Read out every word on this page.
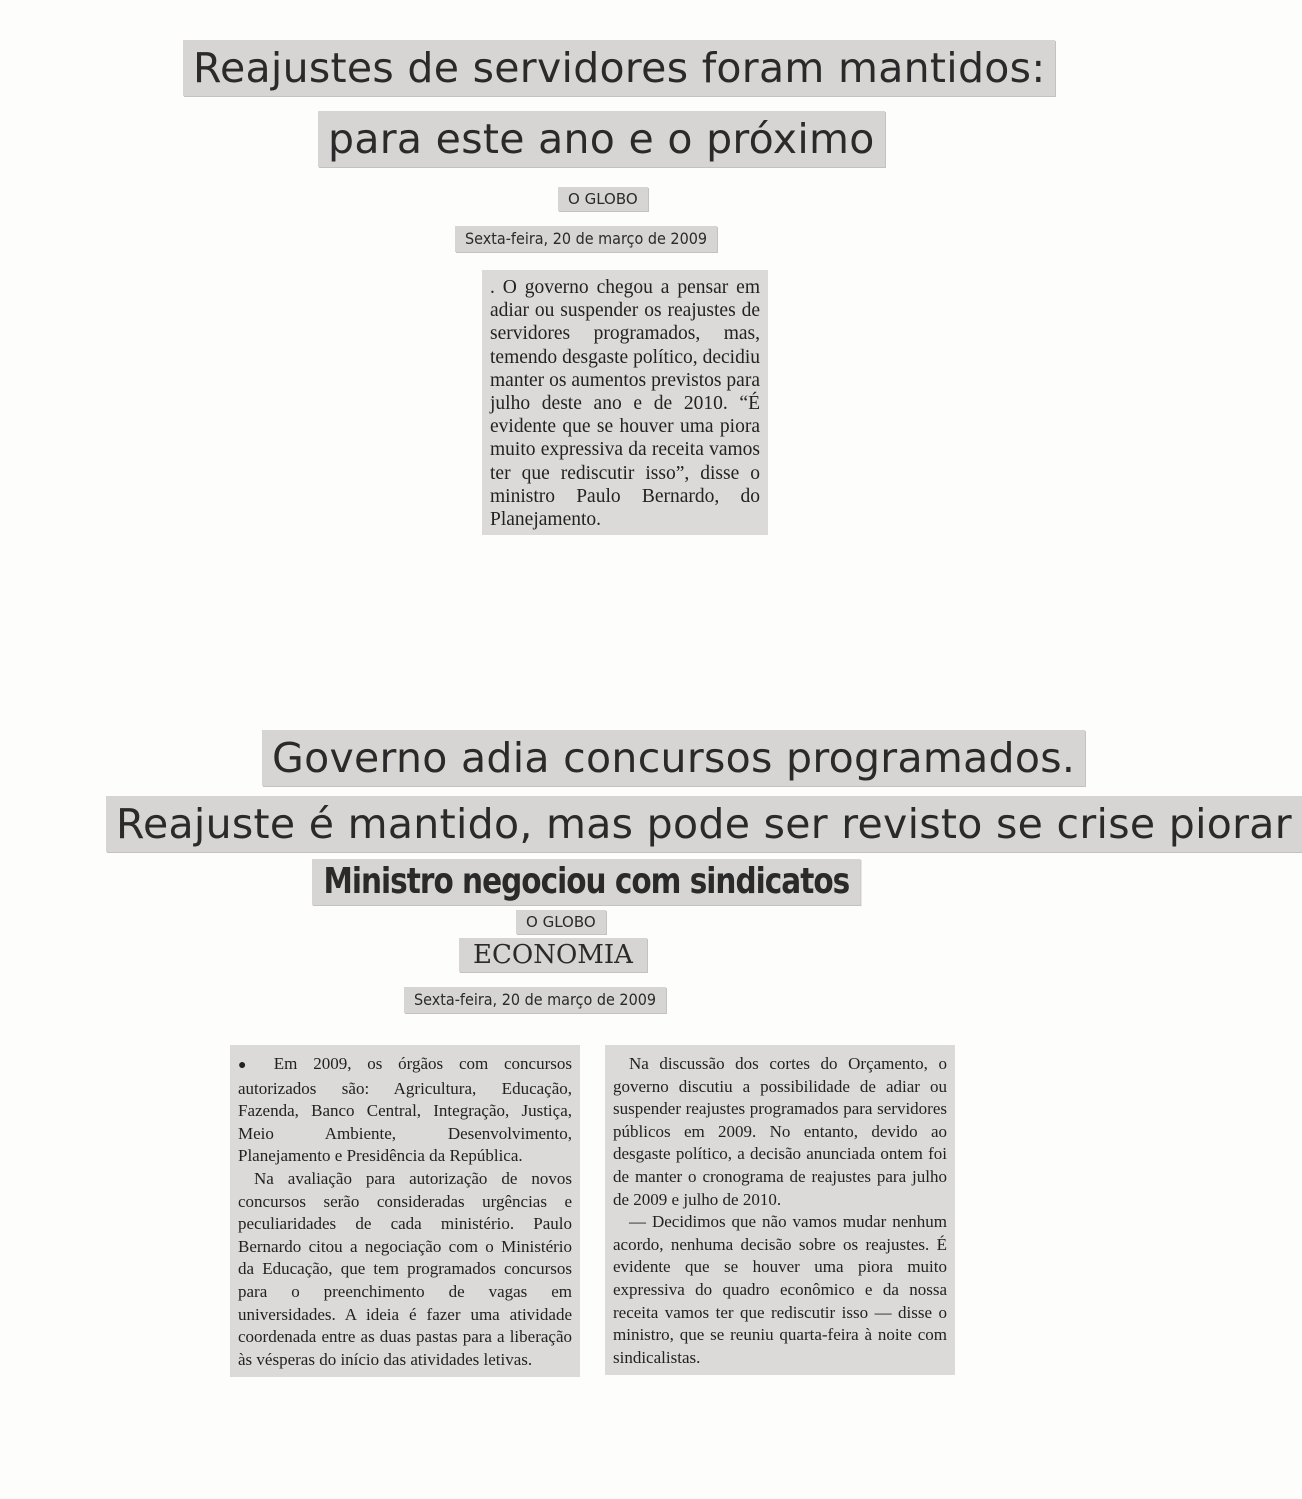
Reajustes de servidores foram mantidos:
para este ano e o próximo
O GLOBO
Sexta-feira, 20 de março de 2009

. O governo chegou a pensar em adiar ou suspender os reajustes de servidores programados, mas, temendo desgaste político, decidiu manter os aumentos previstos para julho deste ano e de 2010. “É evidente que se houver uma piora muito expressiva da receita vamos ter que rediscutir isso”, disse o ministro Paulo Bernardo, do Planejamento.

Governo adia concursos programados.
Reajuste é mantido, mas pode ser revisto se crise piorar
Ministro negociou com sindicatos
O GLOBO
ECONOMIA
Sexta-feira, 20 de março de 2009

● Em 2009, os órgãos com concursos autorizados são: Agricultura, Educação, Fazenda, Banco Central, Integração, Justiça, Meio Ambiente, Desenvolvimento, Planejamento e Presidência da República.

Na avaliação para autorização de novos concursos serão consideradas urgências e peculiaridades de cada ministério. Paulo Bernardo citou a negociação com o Ministério da Educação, que tem programados concursos para o preenchimento de vagas em universidades. A ideia é fazer uma atividade coordenada entre as duas pastas para a liberação às vésperas do início das atividades letivas.

Na discussão dos cortes do Orçamento, o governo discutiu a possibilidade de adiar ou suspender reajustes programados para servidores públicos em 2009. No entanto, devido ao desgaste político, a decisão anunciada ontem foi de manter o cronograma de reajustes para julho de 2009 e julho de 2010.

— Decidimos que não vamos mudar nenhum acordo, nenhuma decisão sobre os reajustes. É evidente que se houver uma piora muito expressiva do quadro econômico e da nossa receita vamos ter que rediscutir isso — disse o ministro, que se reuniu quarta-feira à noite com sindicalistas.
